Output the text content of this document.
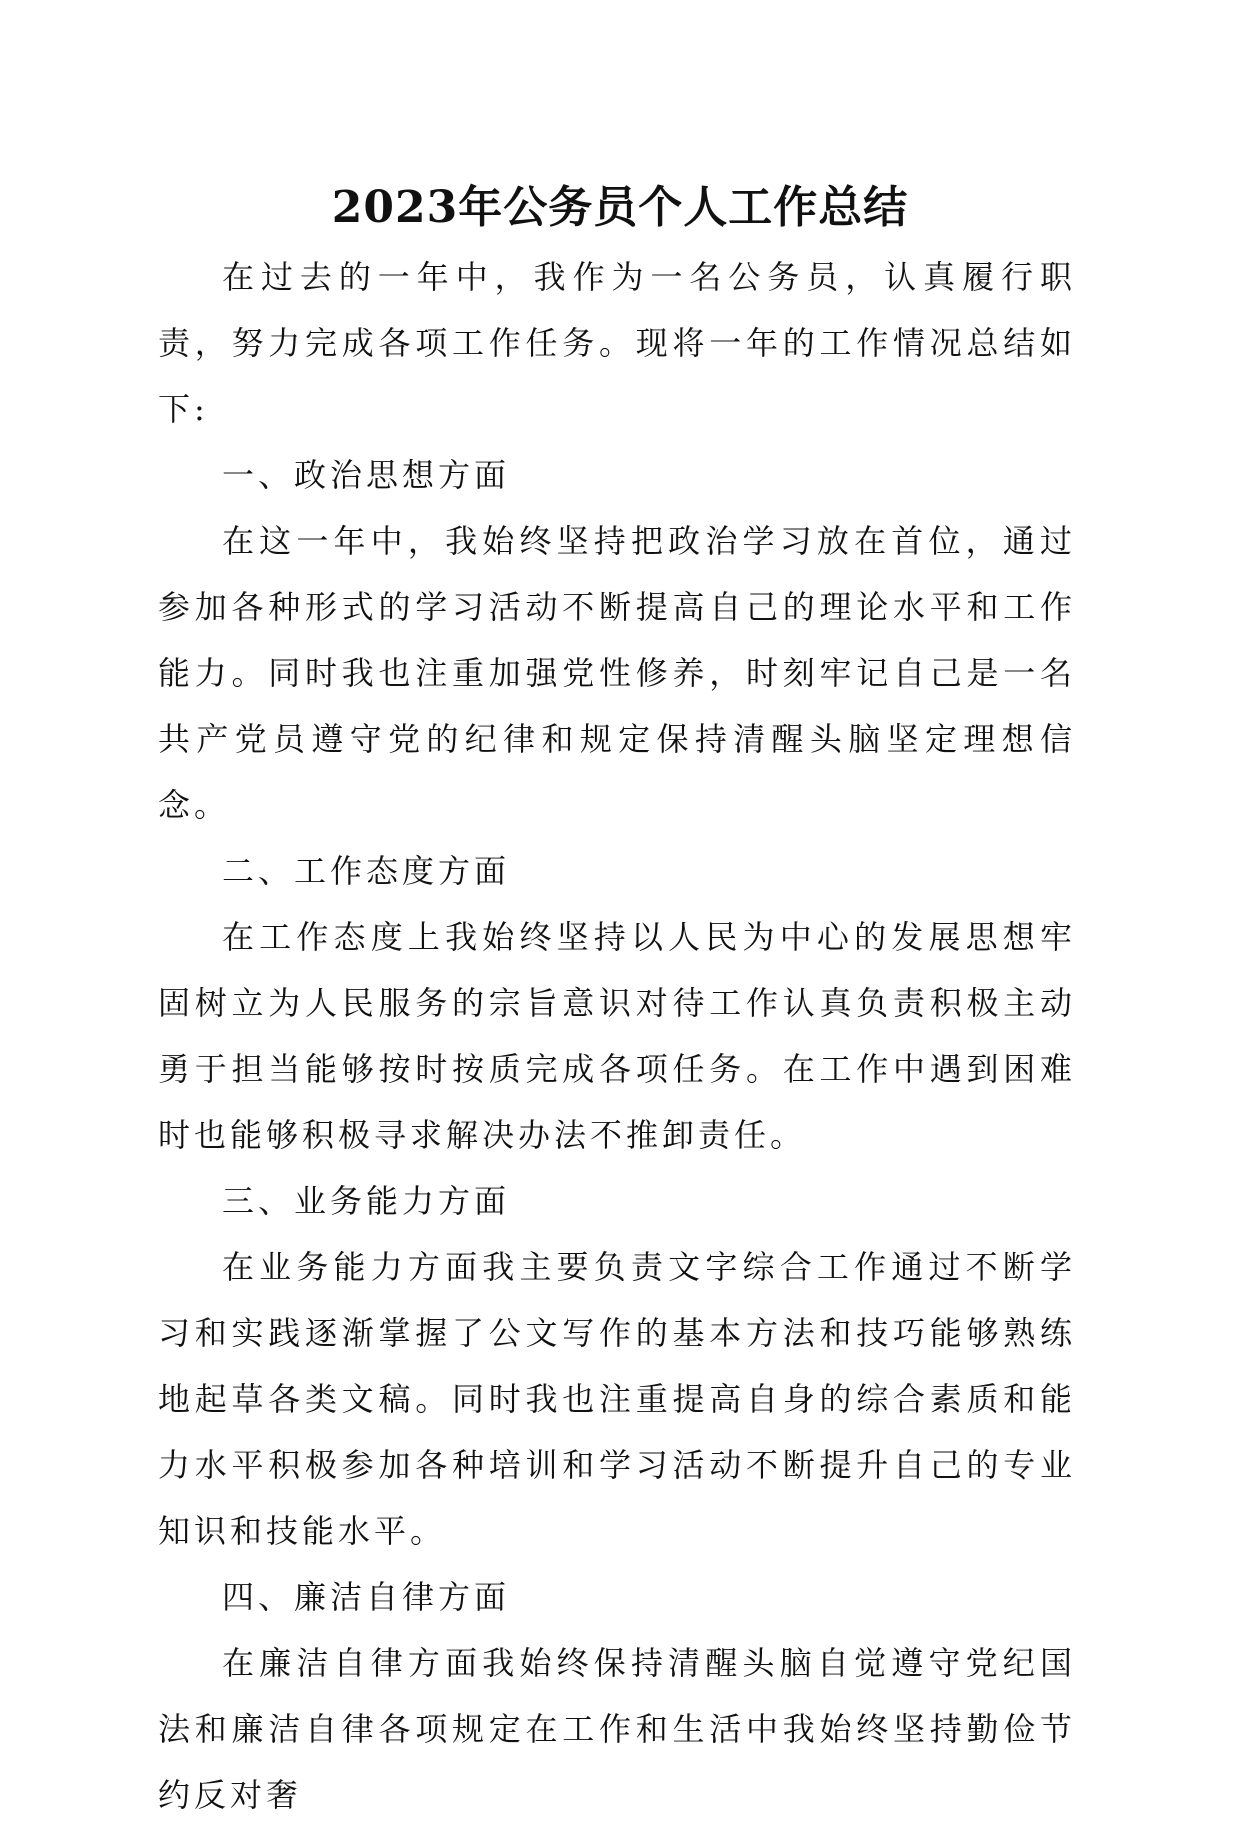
2023年公务员个人工作总结

在过去的一年中，我作为一名公务员，认真履行职责，努力完成各项工作任务。现将一年的工作情况总结如下:

一、政治思想方面

在这一年中，我始终坚持把政治学习放在首位，通过参加各种形式的学习活动不断提高自己的理论水平和工作能力。同时我也注重加强党性修养，时刻牢记自己是一名共产党员遵守党的纪律和规定保持清醒头脑坚定理想信念。

二、工作态度方面

在工作态度上我始终坚持以人民为中心的发展思想牢固树立为人民服务的宗旨意识对待工作认真负责积极主动勇于担当能够按时按质完成各项任务。在工作中遇到困难时也能够积极寻求解决办法不推卸责任。

三、业务能力方面

在业务能力方面我主要负责文字综合工作通过不断学习和实践逐渐掌握了公文写作的基本方法和技巧能够熟练地起草各类文稿。同时我也注重提高自身的综合素质和能力水平积极参加各种培训和学习活动不断提升自己的专业知识和技能水平。

四、廉洁自律方面

在廉洁自律方面我始终保持清醒头脑自觉遵守党纪国法和廉洁自律各项规定在工作和生活中我始终坚持勤俭节约反对奢
